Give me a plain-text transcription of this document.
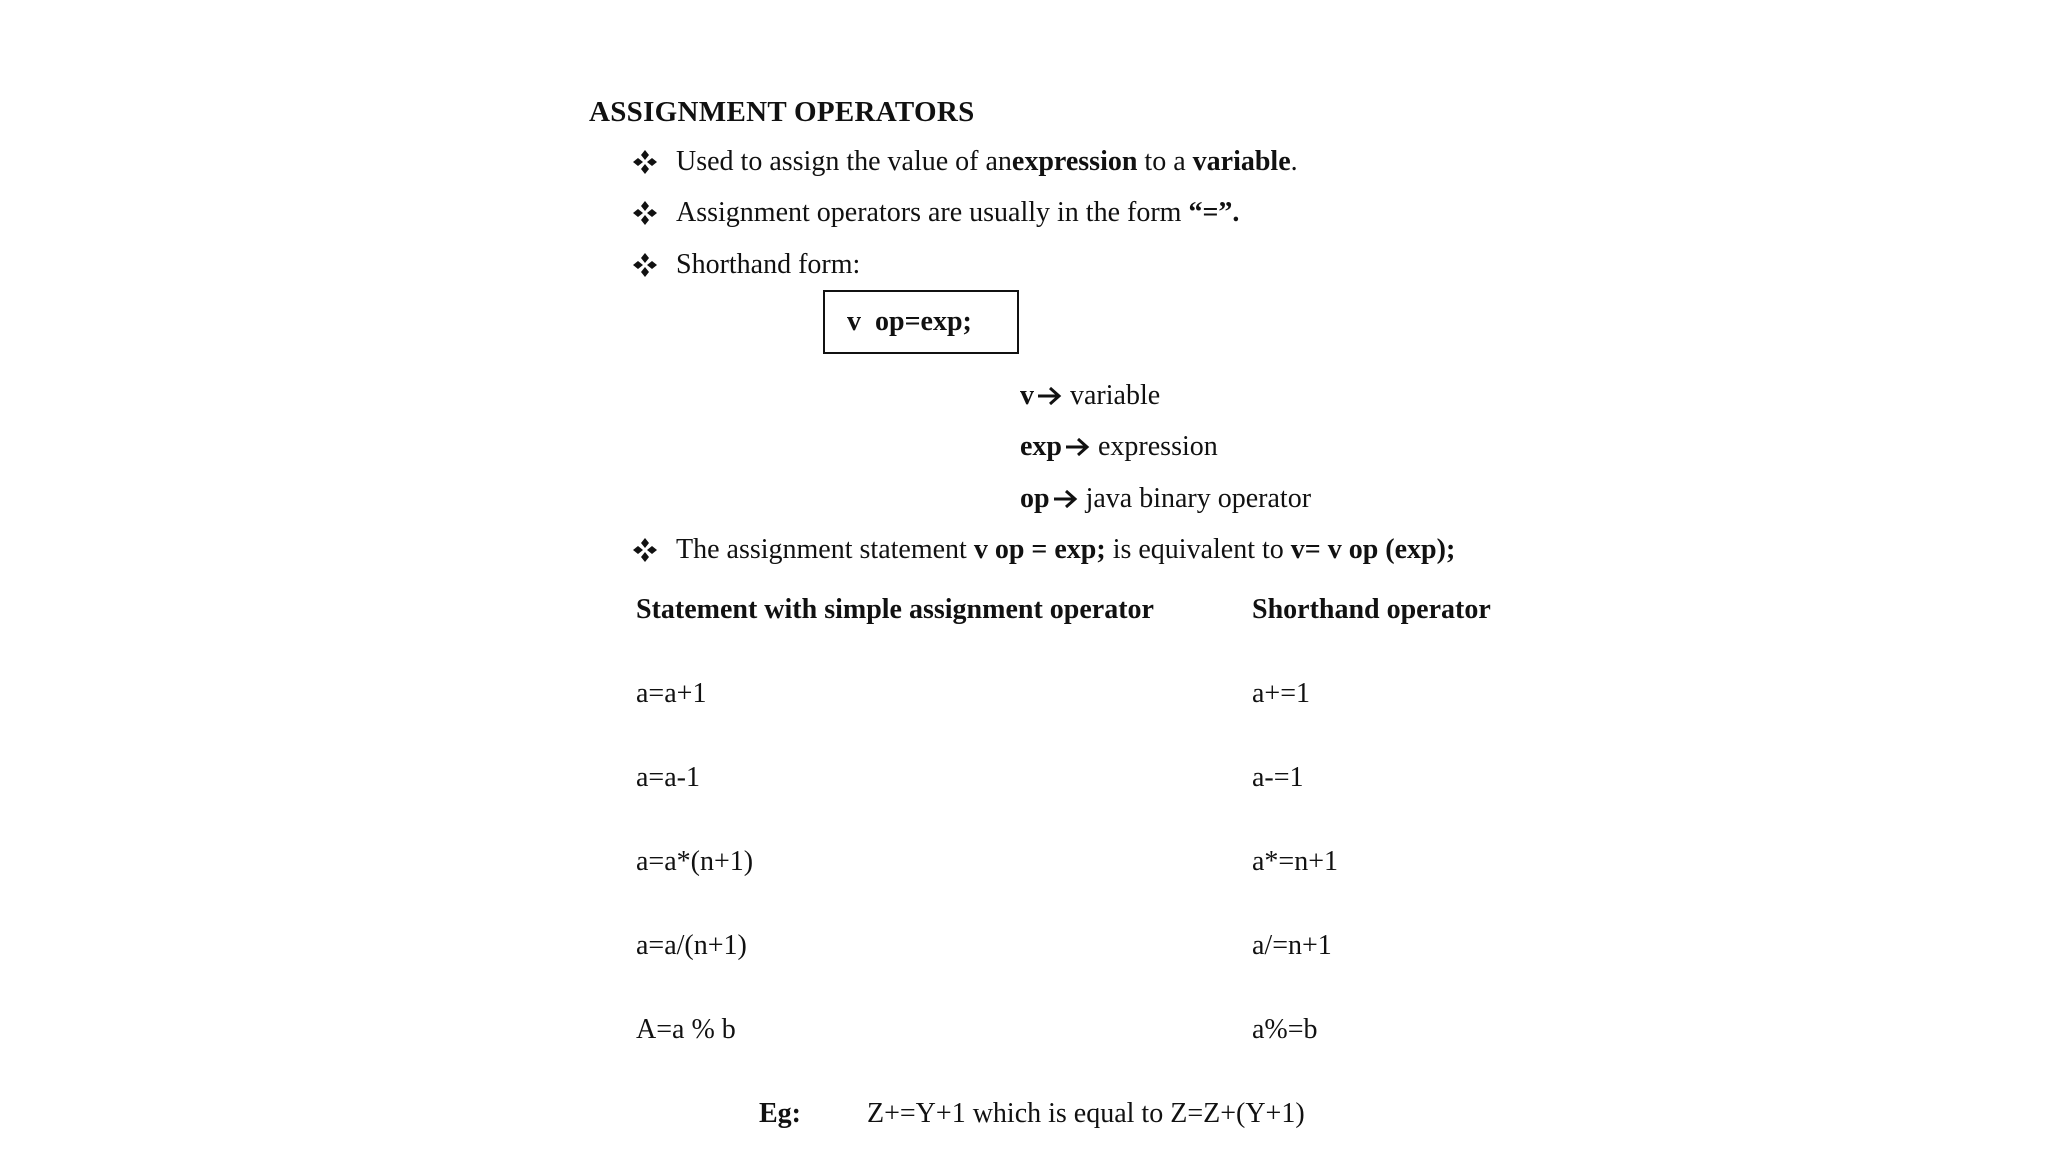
ASSIGNMENT OPERATORS
Used to assign the value of an expression to a variable .
Assignment operators are usually in the form “=”.
Shorthand form:
v  op=exp;
v variable
exp expression
op java binary operator
The assignment statement v op = exp; is equivalent to v= v op (exp);
Statement with simple assignment operator	Shorthand operator
a=a+1	a+=1
a=a-1	a-=1
a=a*(n+1)	a*=n+1
a=a/(n+1)	a/=n+1
A=a % b	a%=b
Eg: Z+=Y+1 which is equal to Z=Z+(Y+1)
